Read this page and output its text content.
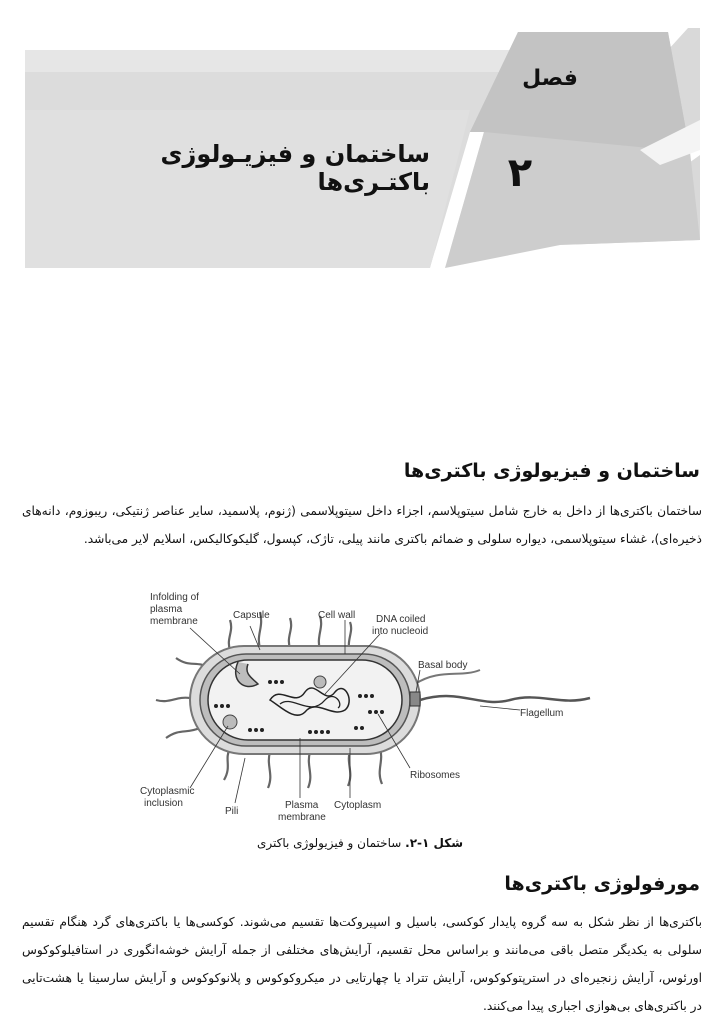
فصل
۲
ساختمان و فیزیـولوژی باکتـری‌ها
ساختمان و فیزیولوژی باکتری‌ها
ساختمان باکتری‌ها از داخل به خارج شامل سیتوپلاسم، اجزاء داخل سیتوپلاسمی (ژنوم، پلاسمید، سایر عناصر ژنتیکی، ریبوزوم، دانه‌های ذخیره‌ای)، غشاء سیتوپلاسمی، دیواره سلولی و ضمائم باکتری مانند پیلی، تاژک، کپسول، گلیکوکالیکس، اسلایم لایر می‌باشد.
Infolding of
plasma
membrane
Capsule	Cell wall DNA coiled
into nucleoid
Basal body
Flagellum
Ribosomes
Cytoplasmic
inclusion
Pili
Plasma
membrane
Cytoplasm
شکل ۱-۲. ساختمان و فیزیولوژی باکتری
مورفولوژی باکتری‌ها
باکتری‌ها از نظر شکل به سه گروه پایدار کوکسی، باسیل و اسپیروکت‌ها تقسیم می‌شوند. کوکسی‌ها یا باکتری‌های گرد هنگام تقسیم سلولی به یکدیگر متصل باقی می‌مانند و براساس محل تقسیم، آرایش‌های مختلفی از جمله آرایش خوشه‌انگوری در استافیلوکوکوس اورئوس، آرایش زنجیره‌ای در استرپتوکوکوس، آرایش تتراد یا چهارتایی در میکروکوکوس و پلانوکوکوس و آرایش سارسینا یا هشت‌تایی در باکتری‌های بی‌هوازی اجباری پیدا می‌کنند.
